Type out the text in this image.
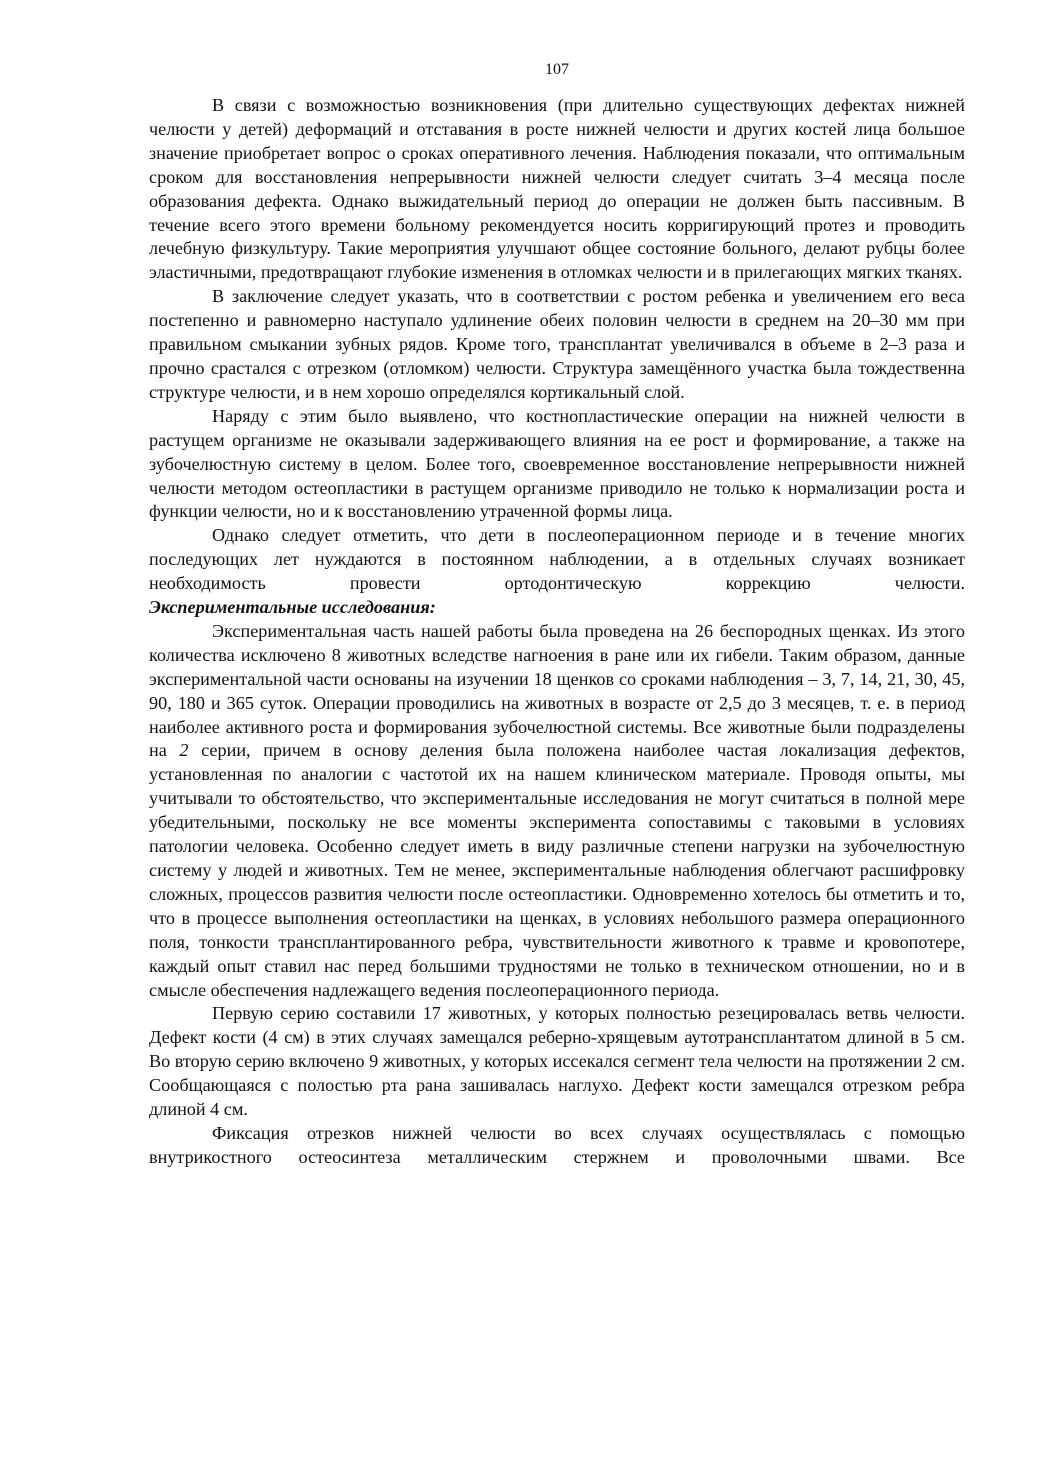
107

В связи с возможностью возникновения (при длительно существующих дефектах нижней челюсти у детей) деформаций и отставания в росте нижней челюсти и других костей лица большое значение приобретает вопрос о сроках оперативного лечения. Наблюдения показали, что оптимальным сроком для восстановления непрерывности нижней челюсти следует считать 3–4 месяца после образования дефекта. Однако выжидательный период до операции не должен быть пассивным. В течение всего этого времени больному рекомендуется носить корригирующий протез и проводить лечебную физкультуру. Такие мероприятия улучшают общее состояние больного, делают рубцы более эластичными, предотвращают глубокие изменения в отломках челюсти и в прилегающих мягких тканях.

В заключение следует указать, что в соответствии с ростом ребенка и увеличением его веса постепенно и равномерно наступало удлинение обеих половин челюсти в среднем на 20–30 мм при правильном смыкании зубных рядов. Кроме того, трансплантат увеличивался в объеме в 2–3 раза и прочно срастался с отрезком (отломком) челюсти. Структура замещённого участка была тождественна структуре челюсти, и в нем хорошо определялся кортикальный слой.

Наряду с этим было выявлено, что костнопластические операции на нижней челюсти в растущем организме не оказывали задерживающего влияния на ее рост и формирование, а также на зубочелюстную систему в целом. Более того, своевременное восстановление непрерывности нижней челюсти методом остеопластики в растущем организме приводило не только к нормализации роста и функции челюсти, но и к восстановлению утраченной формы лица.

Однако следует отметить, что дети в послеоперационном периоде и в течение многих последующих лет нуждаются в постоянном наблюдении, а в отдельных случаях возникает необходимость провести ортодонтическую коррекцию челюсти.

Экспериментальные исследования:

Экспериментальная часть нашей работы была проведена на 26 беспородных щенках. Из этого количества исключено 8 животных вследстве нагноения в ране или их гибели. Таким образом, данные экспериментальной части основаны на изучении 18 щенков со сроками наблюдения – 3, 7, 14, 21, 30, 45, 90, 180 и 365 суток. Операции проводились на животных в возрасте от 2,5 до 3 месяцев, т. е. в период наиболее активного роста и формирования зубочелюстной системы. Все животные были подразделены на 2 серии, причем в основу деления была положена наиболее частая локализация дефектов, установленная по аналогии с частотой их на нашем клиническом материале. Проводя опыты, мы учитывали то обстоятельство, что экспериментальные исследования не могут считаться в полной мере убедительными, поскольку не все моменты эксперимента сопоставимы с таковыми в условиях патологии человека. Особенно следует иметь в виду различные степени нагрузки на зубочелюстную систему у людей и животных. Тем не менее, экспериментальные наблюдения облегчают расшифровку сложных, процессов развития челюсти после остеопластики. Одновременно хотелось бы отметить и то, что в процессе выполнения остеопластики на щенках, в условиях небольшого размера операционного поля, тонкости трансплантированного ребра, чувствительности животного к травме и кровопотере, каждый опыт ставил нас перед большими трудностями не только в техническом отношении, но и в смысле обеспечения надлежащего ведения послеоперационного периода.

Первую серию составили 17 животных, у которых полностью резецировалась ветвь челюсти. Дефект кости (4 см) в этих случаях замещался реберно-хрящевым аутотрансплантатом длиной в 5 см. Во вторую серию включено 9 животных, у которых иссекался сегмент тела челюсти на протяжении 2 см. Сообщающаяся с полостью рта рана зашивалась наглухо. Дефект кости замещался отрезком ребра длиной 4 см.

Фиксация отрезков нижней челюсти во всех случаях осуществлялась с помощью внутрикостного остеосинтеза металлическим стержнем и проволочными швами. Все
